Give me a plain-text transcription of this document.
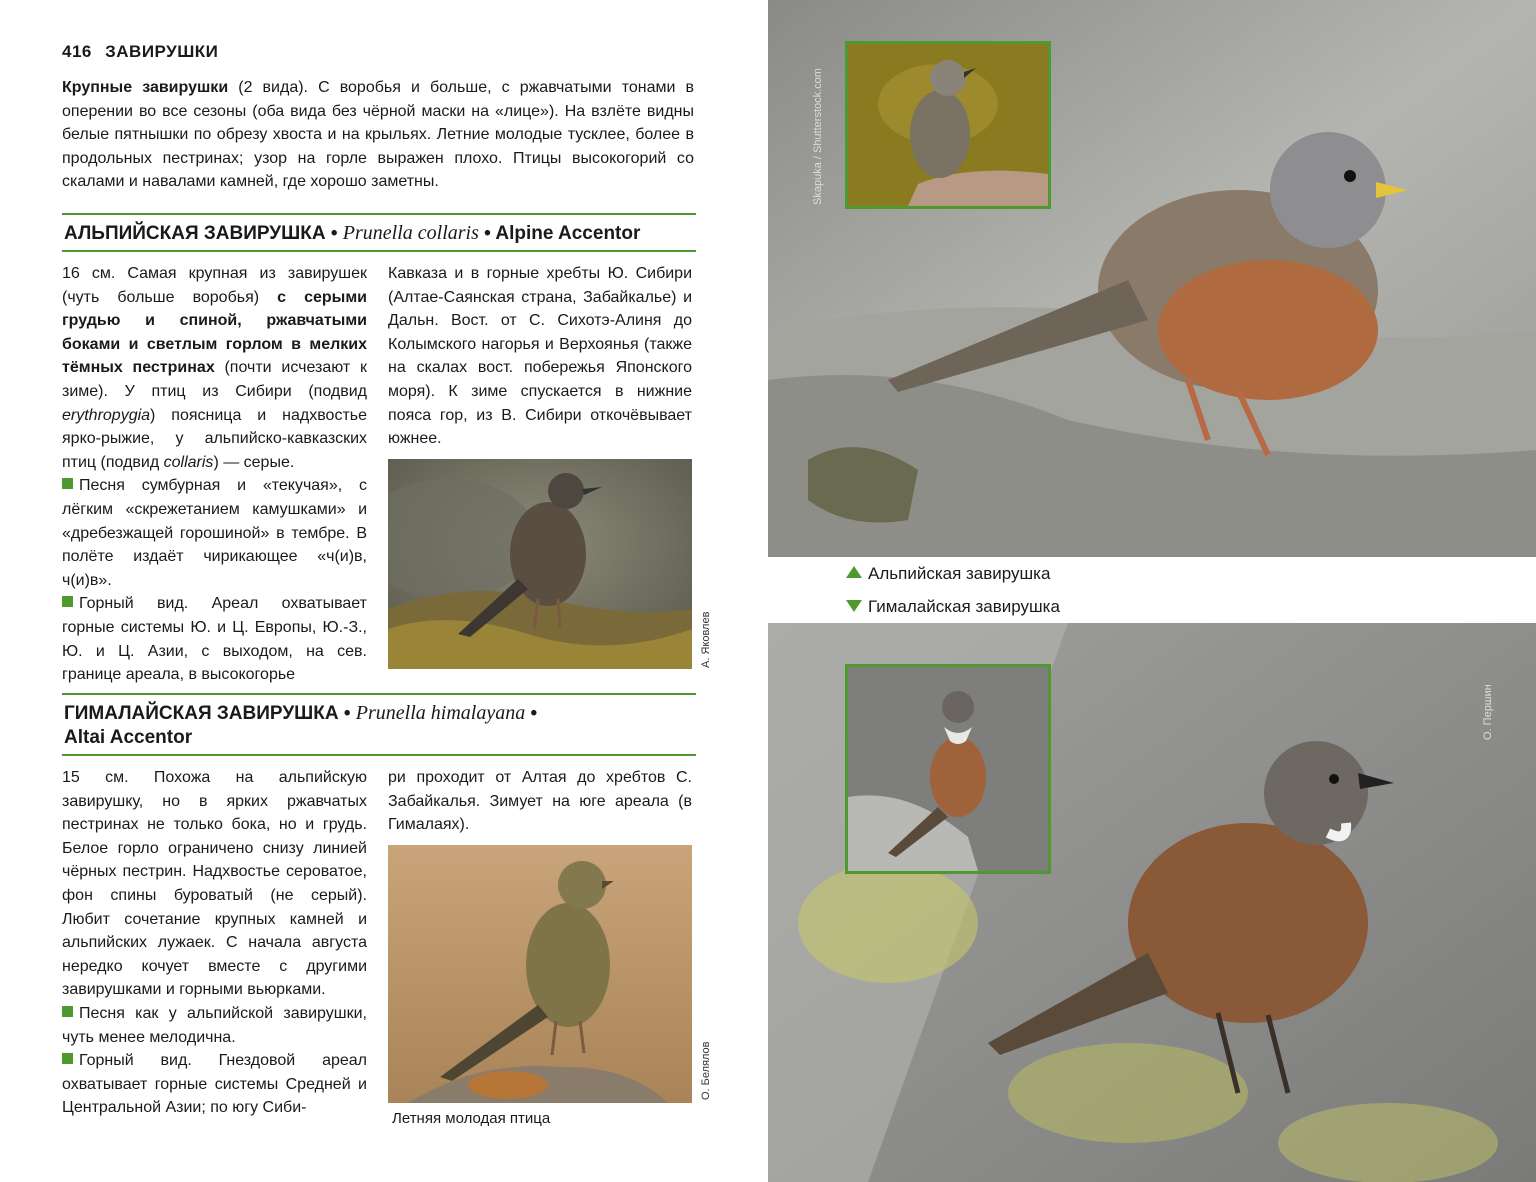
416 ЗАВИРУШКИ
Крупные завирушки (2 вида). С воробья и больше, с ржавчатыми тонами в оперении во все сезоны (оба вида без чёрной маски на «лице»). На взлёте видны белые пятнышки по обрезу хвоста и на крыльях. Летние молодые тусклее, более в продольных пестринах; узор на горле выражен плохо. Птицы высокогорий со скалами и навалами камней, где хорошо заметны.
АЛЬПИЙСКАЯ ЗАВИРУШКА • Prunella collaris • Alpine Accentor

16 см. Самая крупная из завирушек (чуть больше воробья) с серыми грудью и спиной, ржавчатыми боками и светлым горлом в мелких тёмных пестринах (почти исчезают к зиме). У птиц из Сибири (подвид erythropygia) поясница и надхвостье ярко-рыжие, у альпийско-кавказских птиц (подвид collaris) — серые.

Песня сумбурная и «текучая», с лёгким «скрежетанием камушками» и «дребезжащей горошиной» в тембре. В полёте издаёт чирикающее «ч(и)в, ч(и)в».

Горный вид. Ареал охватывает горные системы Ю. и Ц. Европы, Ю.-З., Ю. и Ц. Азии, с выходом, на сев. границе ареала, в высокогорье

Кавказа и в горные хребты Ю. Сибири (Алтае-Саянская страна, Забайкалье) и Дальн. Вост. от С. Сихотэ-Алиня до Колымского нагорья и Верхоянья (также на скалах вост. побережья Японского моря). К зиме спускается в нижние пояса гор, из В. Сибири откочёвывает южнее.

А. Яковлев
ГИМАЛАЙСКАЯ ЗАВИРУШКА • Prunella himalayana •
Altai Accentor

15 см. Похожа на альпийскую завирушку, но в ярких ржавчатых пестринах не только бока, но и грудь. Белое горло ограничено снизу линией чёрных пестрин. Надхвостье сероватое, фон спины буроватый (не серый). Любит сочетание крупных камней и альпийских лужаек. С начала августа нередко кочует вместе с другими завирушками и горными вьюрками.

Песня как у альпийской завирушки, чуть менее мелодична.

Горный вид. Гнездовой ареал охватывает горные системы Средней и Центральной Азии; по югу Сиби-

ри проходит от Алтая до хребтов С. Забайкалья. Зимует на юге ареала (в Гималаях).

О. Белялов
Летняя молодая птица
Skapuka / Shutterstock.com
Альпийская завирушка
Гималайская завирушка
О. Першин
